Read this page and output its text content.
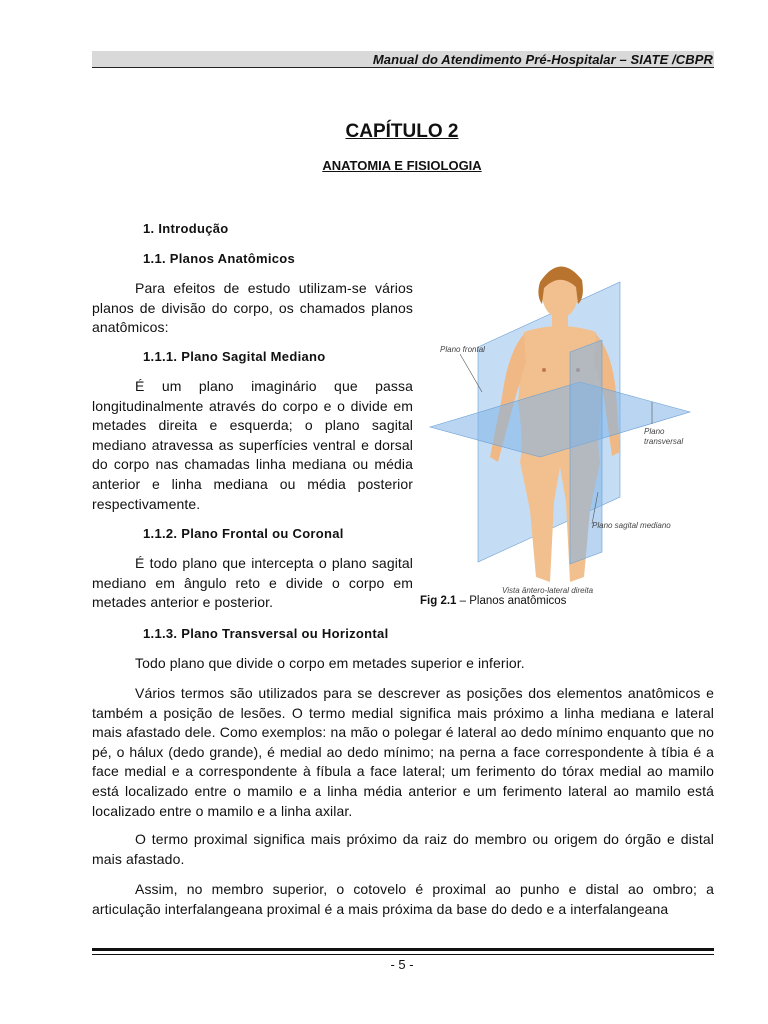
Manual do Atendimento Pré-Hospitalar – SIATE /CBPR
CAPÍTULO 2
ANATOMIA E FISIOLOGIA
1. Introdução
1.1. Planos Anatômicos

Para efeitos de estudo utilizam-se vários planos de divisão do corpo, os chamados planos anatômicos:

1.1.1. Plano Sagital Mediano

É um plano imaginário que passa longitudinalmente através do corpo e o divide em metades direita e esquerda; o plano sagital mediano atravessa as superfícies ventral e dorsal do corpo nas chamadas linha mediana ou média anterior e linha mediana ou média posterior respectivamente.

1.1.2. Plano Frontal ou Coronal

É todo plano que intercepta o plano sagital mediano em ângulo reto e divide o corpo em metades anterior e posterior.

Plano frontal
Plano
transversal
Plano sagital mediano
Vista ântero-lateral direita
Fig 2.1 – Planos anatômicos
1.1.3. Plano Transversal ou Horizontal

Todo plano que divide o corpo em metades superior e inferior.

Vários termos são utilizados para se descrever as posições dos elementos anatômicos e também a posição de lesões. O termo medial significa mais próximo a linha mediana e lateral mais afastado dele. Como exemplos: na mão o polegar é lateral ao dedo mínimo enquanto que no pé, o hálux (dedo grande), é medial ao dedo mínimo; na perna a face correspondente à tíbia é a face medial e a correspondente à fíbula a face lateral; um ferimento do tórax medial ao mamilo está localizado entre o mamilo e a linha média anterior e um ferimento lateral ao mamilo está localizado entre o mamilo e a linha axilar.

O termo proximal significa mais próximo da raiz do membro ou origem do órgão e distal mais afastado.

Assim, no membro superior, o cotovelo é proximal ao punho e distal ao ombro; a articulação interfalangeana proximal é a mais próxima da base do dedo e a interfalangeana

- 5 -
